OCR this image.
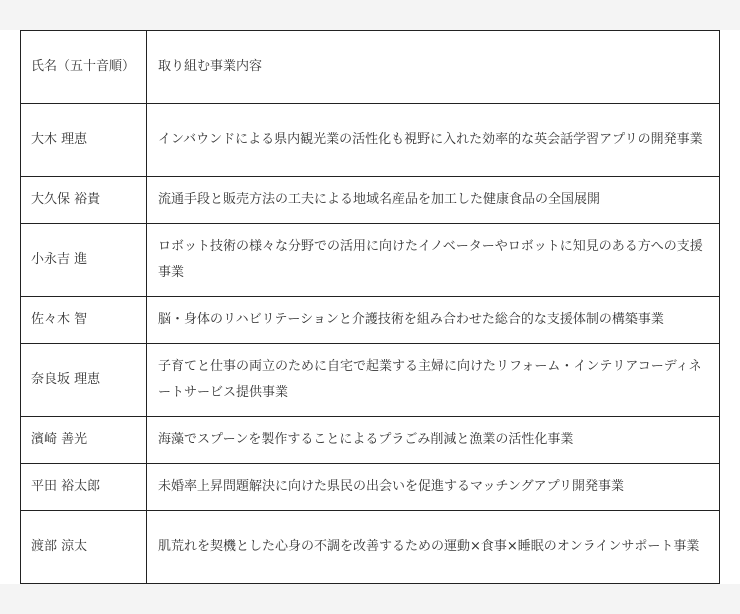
氏名（五十音順）	取り組む事業内容
大木 理恵	インバウンドによる県内観光業の活性化も視野に入れた効率的な英会話学習アプリの開発事業
大久保 裕貴	流通手段と販売方法の工夫による地域名産品を加工した健康食品の全国展開
小永吉 進	ロボット技術の様々な分野での活用に向けたイノベーターやロボットに知見のある方への支援事業
佐々木 智	脳・身体のリハビリテーションと介護技術を組み合わせた総合的な支援体制の構築事業
奈良坂 理恵	子育てと仕事の両立のために自宅で起業する主婦に向けたリフォーム・インテリアコーディネートサービス提供事業
濱崎 善光	海藻でスプーンを製作することによるプラごみ削減と漁業の活性化事業
平田 裕太郎	未婚率上昇問題解決に向けた県民の出会いを促進するマッチングアプリ開発事業
渡部 涼太	肌荒れを契機とした心身の不調を改善するための運動×食事×睡眠のオンラインサポート事業
